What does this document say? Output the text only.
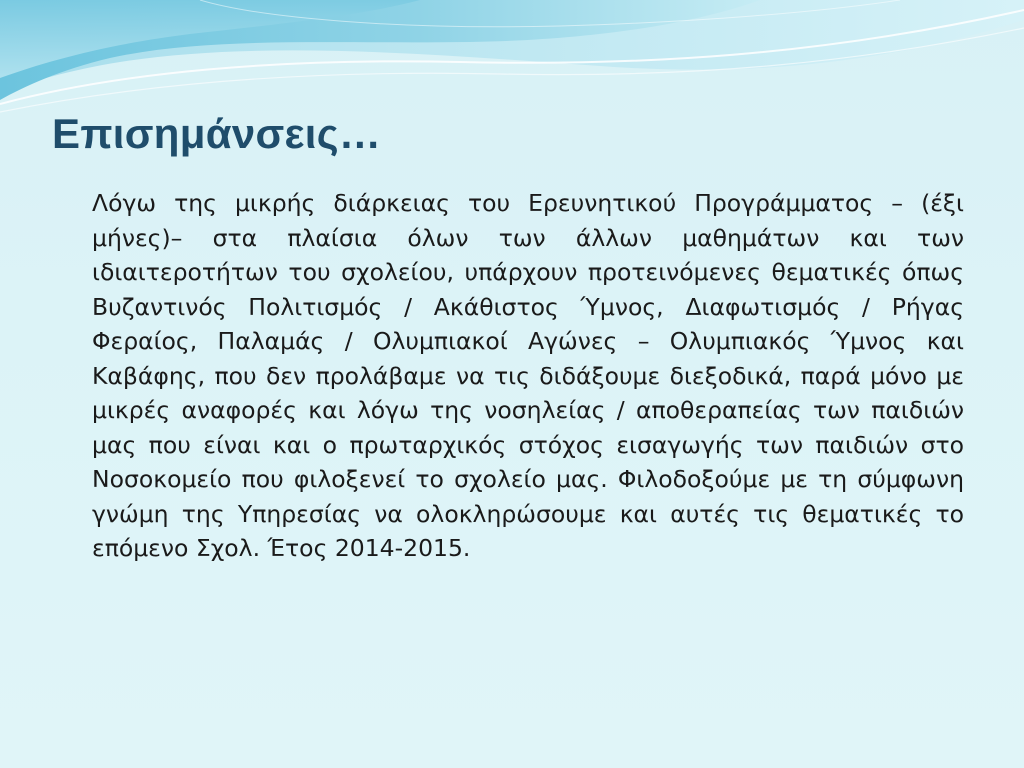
Επισημάνσεις…

Λόγω της μικρής διάρκειας του Ερευνητικού Προγράμματος – (έξι μήνες)– στα πλαίσια όλων των άλλων μαθημάτων και των ιδιαιτεροτήτων του σχολείου, υπάρχουν προτεινόμενες θεματικές όπως Βυζαντινός Πολιτισμός / Ακάθιστος Ύμνος, Διαφωτισμός / Ρήγας Φεραίος, Παλαμάς / Ολυμπιακοί Αγώνες – Ολυμπιακός Ύμνος και Καβάφης, που δεν προλάβαμε να τις διδάξουμε διεξοδικά, παρά μόνο με μικρές αναφορές και λόγω της νοσηλείας / αποθεραπείας των παιδιών μας που είναι και ο πρωταρχικός στόχος εισαγωγής των παιδιών στο Νοσοκομείο που φιλοξενεί το σχολείο μας. Φιλοδοξούμε με τη σύμφωνη γνώμη της Υπηρεσίας να ολοκληρώσουμε και αυτές τις θεματικές το επόμενο Σχολ. Έτος 2014-2015.
